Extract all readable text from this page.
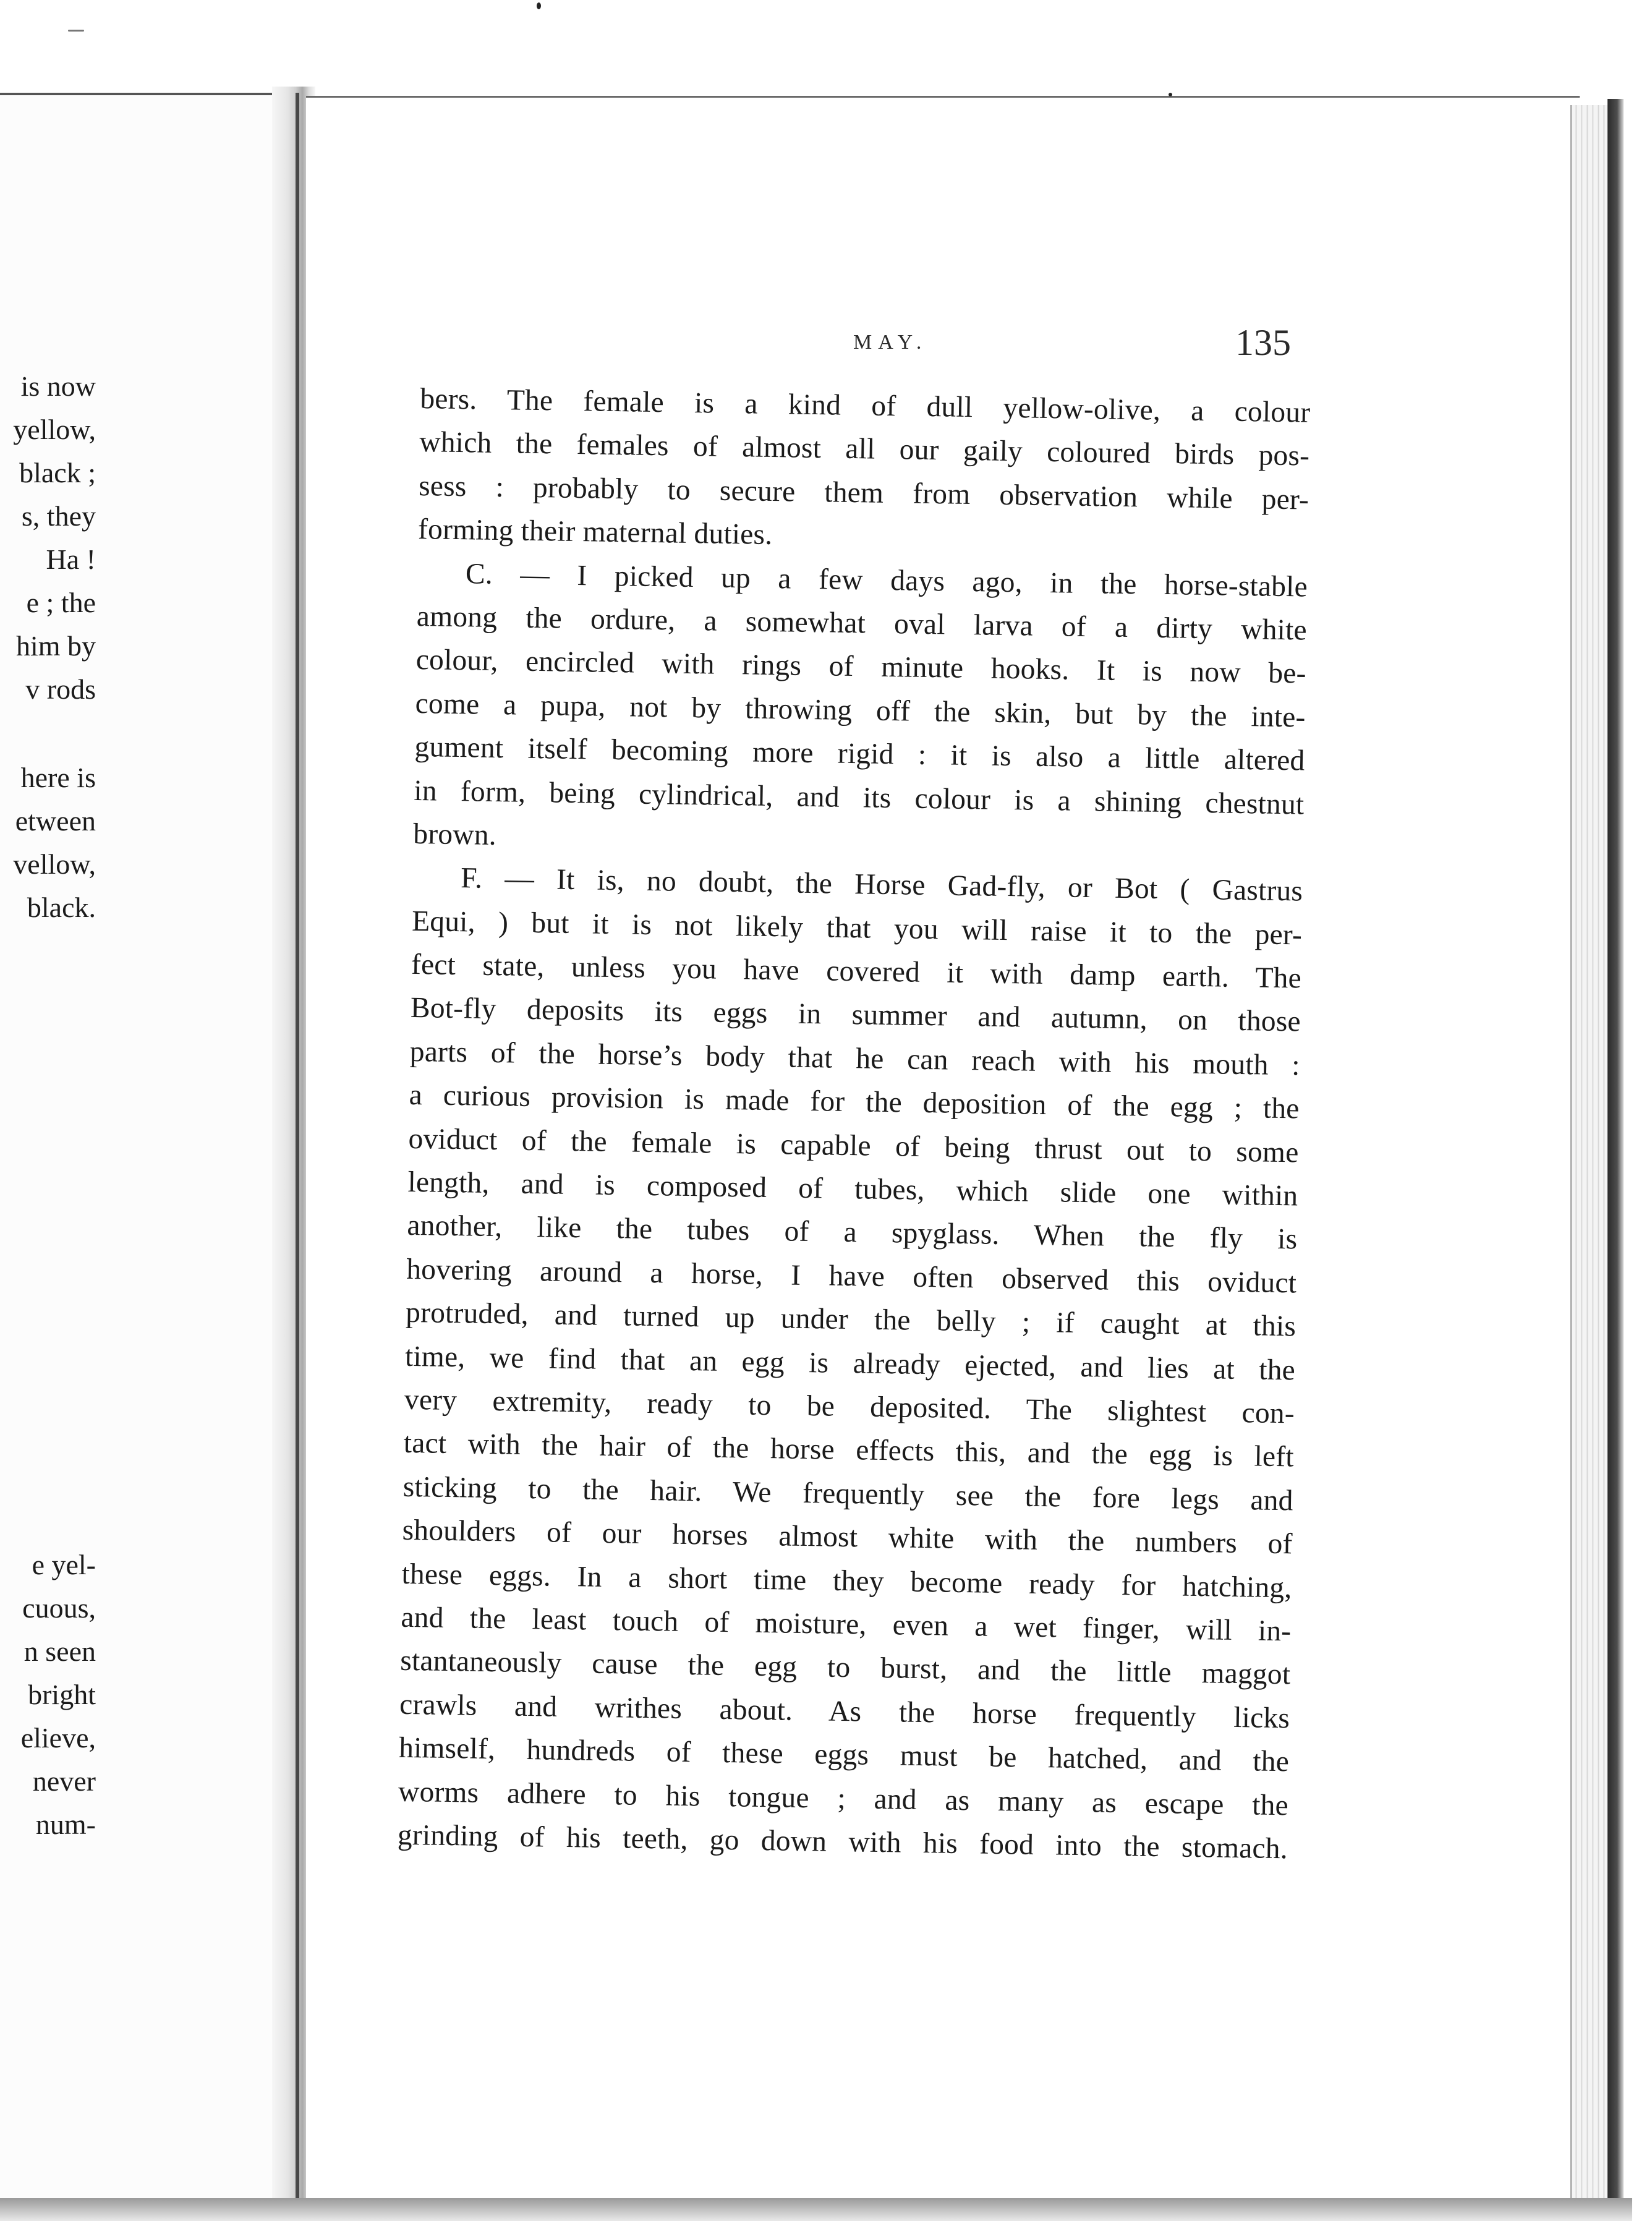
is now
yellow,
black ;
s, they
Ha !
e ; the
him by
v rods
here is
etween
vellow,
black.
e yel-
cuous,
n seen
bright
elieve,
never
num-
MAY.	135
bers. The female is a kind of dull yellow-olive, a colour
which the females of almost all our gaily coloured birds pos-
sess : probably to secure them from observation while per-
forming their maternal duties.
C. — I picked up a few days ago, in the horse-stable
among the ordure, a somewhat oval larva of a dirty white
colour, encircled with rings of minute hooks. It is now be-
come a pupa, not by throwing off the skin, but by the inte-
gument itself becoming more rigid : it is also a little altered
in form, being cylindrical, and its colour is a shining chestnut
brown.
F. — It is, no doubt, the Horse Gad-fly, or Bot ( Gastrus
Equi, ) but it is not likely that you will raise it to the per-
fect state, unless you have covered it with damp earth. The
Bot-fly deposits its eggs in summer and autumn, on those
parts of the horse’s body that he can reach with his mouth :
a curious provision is made for the deposition of the egg ; the
oviduct of the female is capable of being thrust out to some
length, and is composed of tubes, which slide one within
another, like the tubes of a spyglass. When the fly is
hovering around a horse, I have often observed this oviduct
protruded, and turned up under the belly ; if caught at this
time, we find that an egg is already ejected, and lies at the
very extremity, ready to be deposited. The slightest con-
tact with the hair of the horse effects this, and the egg is left
sticking to the hair. We frequently see the fore legs and
shoulders of our horses almost white with the numbers of
these eggs. In a short time they become ready for hatching,
and the least touch of moisture, even a wet finger, will in-
stantaneously cause the egg to burst, and the little maggot
crawls and writhes about. As the horse frequently licks
himself, hundreds of these eggs must be hatched, and the
worms adhere to his tongue ; and as many as escape the
grinding of his teeth, go down with his food into the stomach.
